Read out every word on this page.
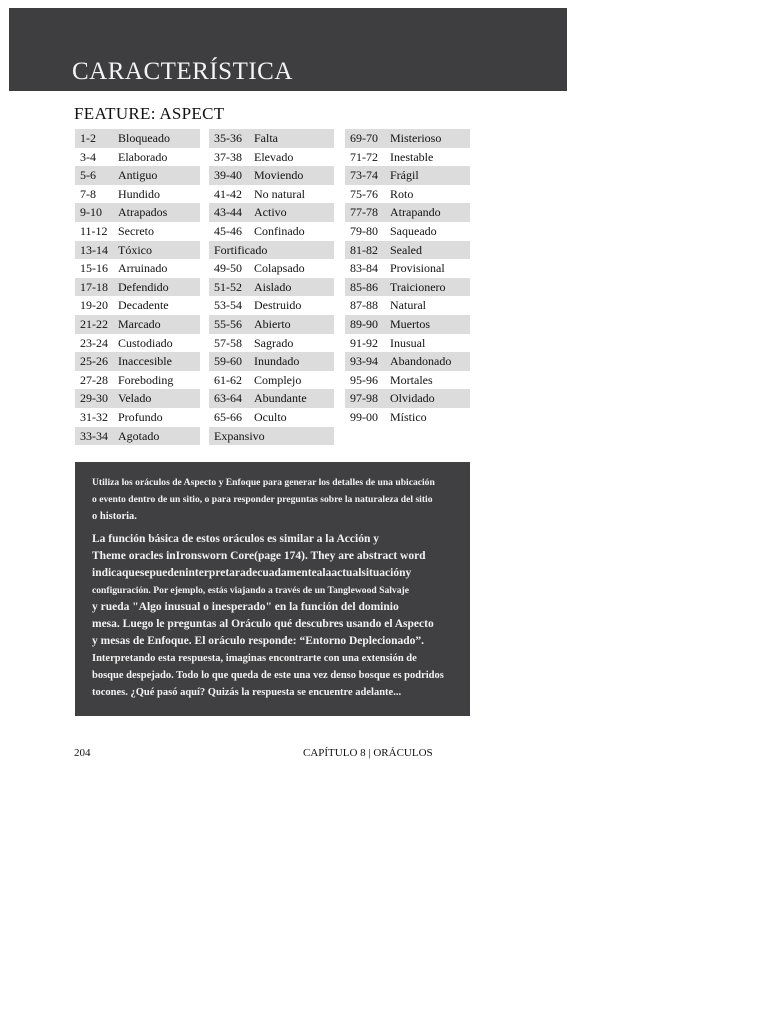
CARACTERÍSTICA
FEATURE: ASPECT
1-2 Bloqueado
3-4 Elaborado
5-6 Antiguo
7-8 Hundido
9-10 Atrapados
11-12 Secreto
13-14 Tóxico
15-16 Arruinado
17-18 Defendido
19-20 Decadente
21-22 Marcado
23-24 Custodiado
25-26 Inaccesible
27-28 Foreboding
29-30 Velado
31-32 Profundo
33-34 Agotado
35-36 Falta
37-38 Elevado
39-40 Moviendo
41-42 No natural
43-44 Activo
45-46 Confinado
Fortificado
49-50 Colapsado
51-52 Aislado
53-54 Destruido
55-56 Abierto
57-58 Sagrado
59-60 Inundado
61-62 Complejo
63-64 Abundante
65-66 Oculto
Expansivo
69-70 Misterioso
71-72 Inestable
73-74 Frágil
75-76 Roto
77-78 Atrapando
79-80 Saqueado
81-82 Sealed
83-84 Provisional
85-86 Traicionero
87-88 Natural
89-90 Muertos
91-92 Inusual
93-94 Abandonado
95-96 Mortales
97-98 Olvidado
99-00 Místico

Utiliza los oráculos de Aspecto y Enfoque para generar los detalles de una ubicación

o evento dentro de un sitio, o para responder preguntas sobre la naturaleza del sitio

o historia.

La función básica de estos oráculos es similar a la Acción y

Theme oracles inIronsworn Core(page 174). They are abstract word

indicaquesepuedeninterpretaradecuadamentealaactualsituacióny

configuración. Por ejemplo, estás viajando a través de un Tanglewood Salvaje

y rueda "Algo inusual o inesperado" en la función del dominio

mesa. Luego le preguntas al Oráculo qué descubres usando el Aspecto

y mesas de Enfoque. El oráculo responde: “Entorno Deplecionado”.

Interpretando esta respuesta, imaginas encontrarte con una extensión de

bosque despejado. Todo lo que queda de este una vez denso bosque es podridos

tocones. ¿Qué pasó aquí? Quizás la respuesta se encuentre adelante...

204	CAPÍTULO 8 | ORÁCULOS
